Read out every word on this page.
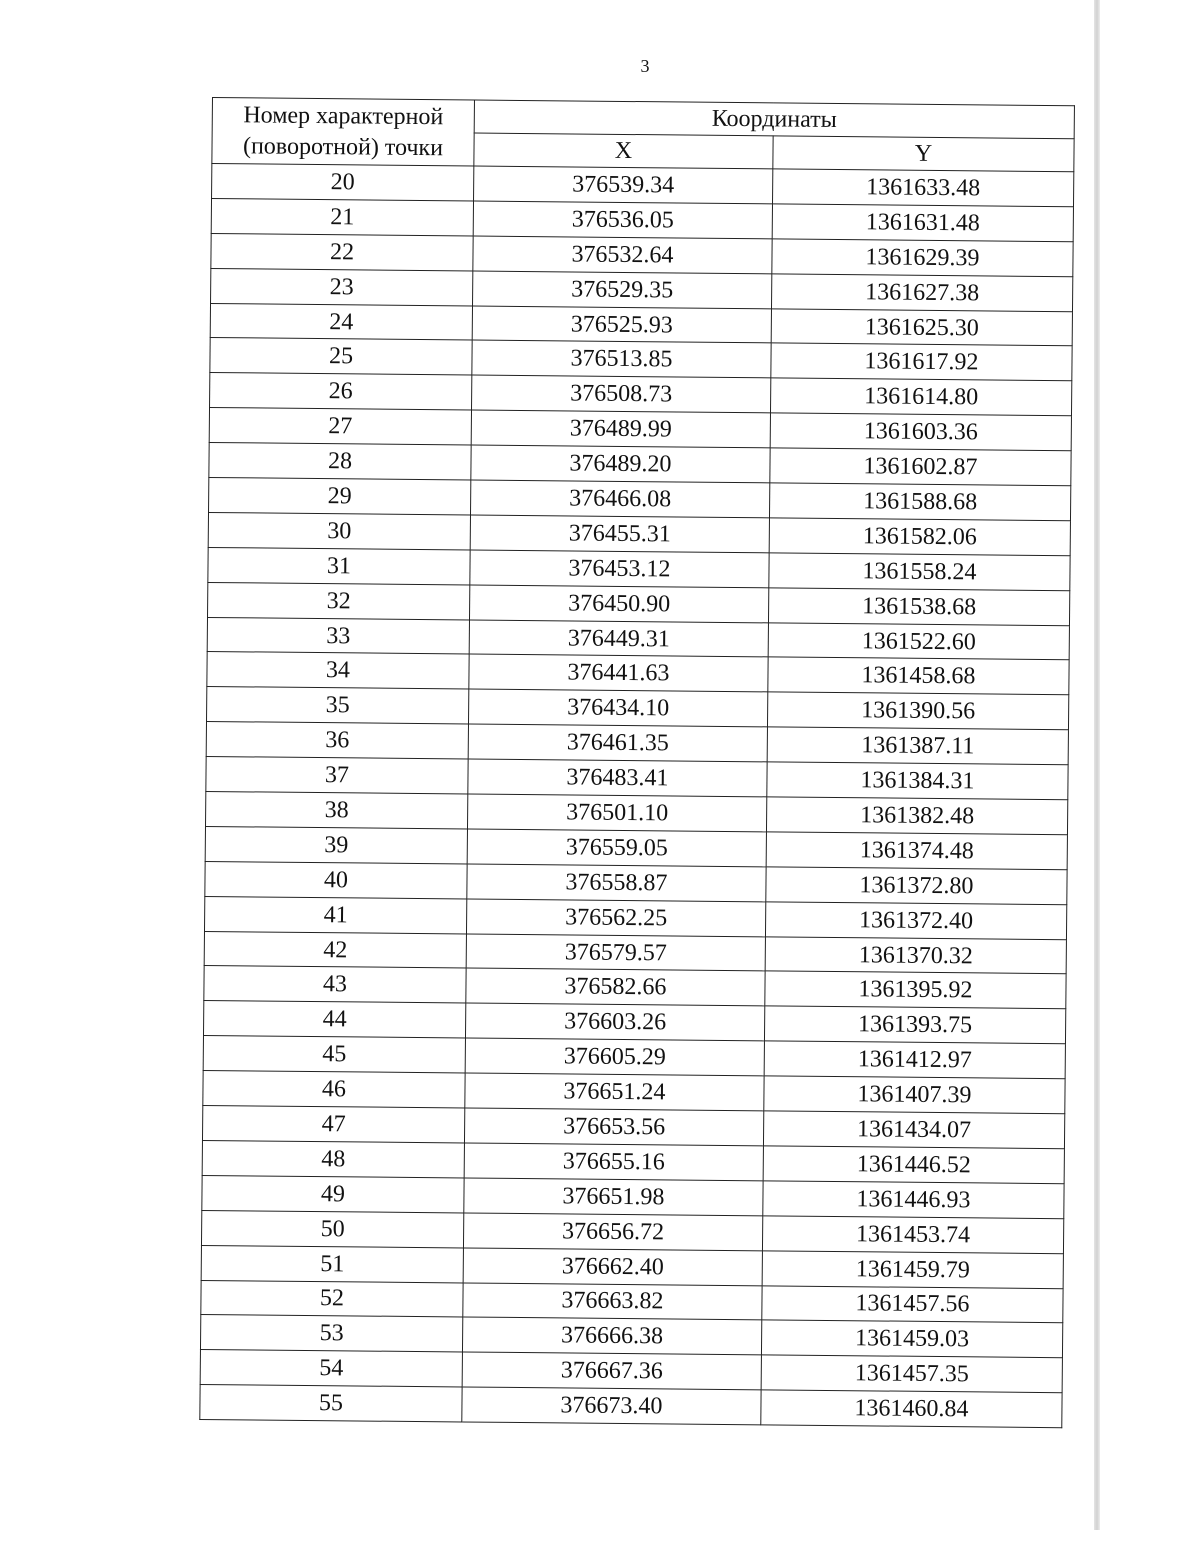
3
Номер характерной
(поворотной) точки	Координаты	
	X	Y
20	376539.34	1361633.48
21	376536.05	1361631.48
22	376532.64	1361629.39
23	376529.35	1361627.38
24	376525.93	1361625.30
25	376513.85	1361617.92
26	376508.73	1361614.80
27	376489.99	1361603.36
28	376489.20	1361602.87
29	376466.08	1361588.68
30	376455.31	1361582.06
31	376453.12	1361558.24
32	376450.90	1361538.68
33	376449.31	1361522.60
34	376441.63	1361458.68
35	376434.10	1361390.56
36	376461.35	1361387.11
37	376483.41	1361384.31
38	376501.10	1361382.48
39	376559.05	1361374.48
40	376558.87	1361372.80
41	376562.25	1361372.40
42	376579.57	1361370.32
43	376582.66	1361395.92
44	376603.26	1361393.75
45	376605.29	1361412.97
46	376651.24	1361407.39
47	376653.56	1361434.07
48	376655.16	1361446.52
49	376651.98	1361446.93
50	376656.72	1361453.74
51	376662.40	1361459.79
52	376663.82	1361457.56
53	376666.38	1361459.03
54	376667.36	1361457.35
55	376673.40	1361460.84
